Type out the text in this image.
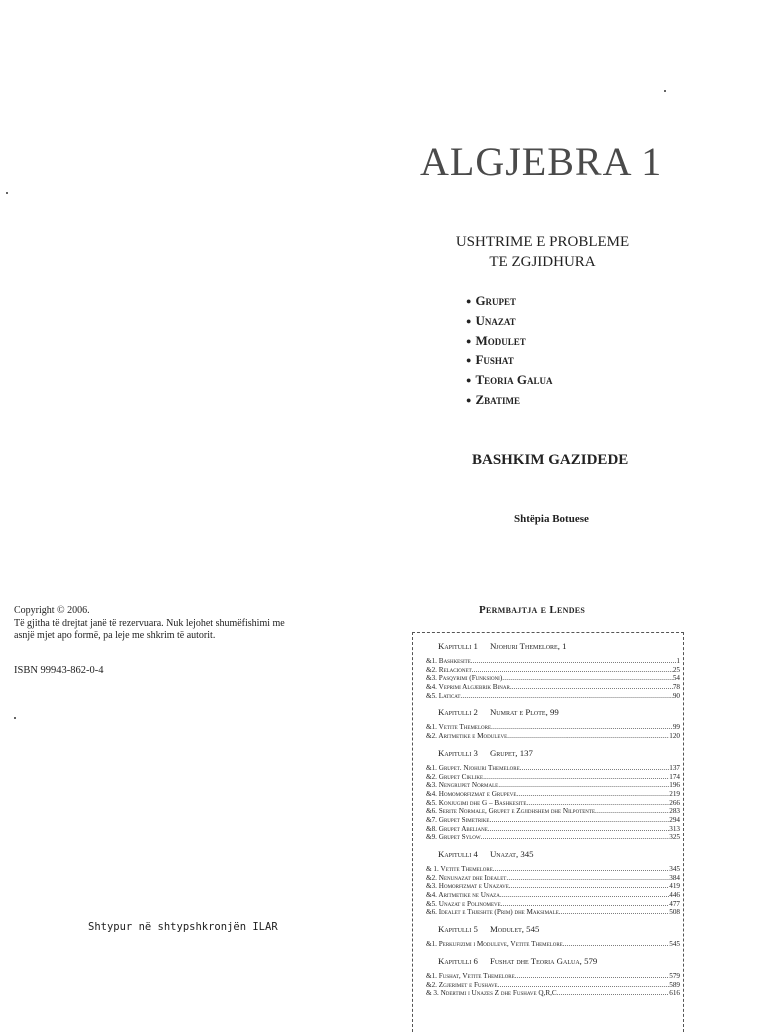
ALGJEBRA 1
USHTRIME E PROBLEME
TE ZGJIDHURA
● Grupet
● Unazat
● Modulet
● Fushat
● Teoria Galua
● Zbatime
BASHKIM GAZIDEDE
Shtëpia Botuese
Copyright © 2006.
Të gjitha të drejtat janë të rezervuara. Nuk lejohet shumëfishimi me
asnjë mjet apo formë, pa leje me shkrim të autorit.
ISBN 99943-862-0-4
Shtypur në shtypshkronjën ILAR
Permbajtja e Lendes
Kapitulli 1 Njohuri Themelore, 1
&1. Bashkesite .....	1
&2. Relacionet .....	25
&3. Pasqyrimi (Funksioni) .....	54
&4. Veprimi Algjebrik Binar .....	78
&5. Laticat .....	90
Kapitulli 2 Numrat e Plote, 99
&1. Vetite Themelore .....	99
&2. Aritmetike e Moduleve .....	120
Kapitulli 3 Grupet, 137
&1. Grupet. Njohuri Themelore .....	137
&2. Grupet Ciklike .....	174
&3. Nengrupet Normale .....	196
&4. Homomorfizmat e Grupeve .....	219
&5. Konjugimi dhe G – Bashkesite .....	266
&6. Serite Normale, Grupet e Zgjidhshem dhe Nilpotente .....	283
&7. Grupet Simetrike .....	294
&8. Grupet Abeliane .....	313
&9. Grupet Sylow .....	325
Kapitulli 4 Unazat, 345
& 1. Vetite Themelore .....	345
&2. Nenunazat dhe Idealet .....	384
&3. Homorfizmat e Unazave .....	419
&4. Aritmetike ne Unaza .....	446
&5. Unazat e Polinomeve .....	477
&6. Idealet e Thjeshte (Prim) dhe Maksimale .....	508
Kapitulli 5 Modulet, 545
&1. Perkufizimi i Moduleve, Vetite Themelore .....	545
Kapitulli 6 Fushat dhe Teoria Galua, 579
&1. Fushat, Vetite Themelore .....	579
&2. Zgjerimet e Fushave .....	589
& 3. Ndertimi i Unazes Z dhe Fushave Q,R,C .....	616
